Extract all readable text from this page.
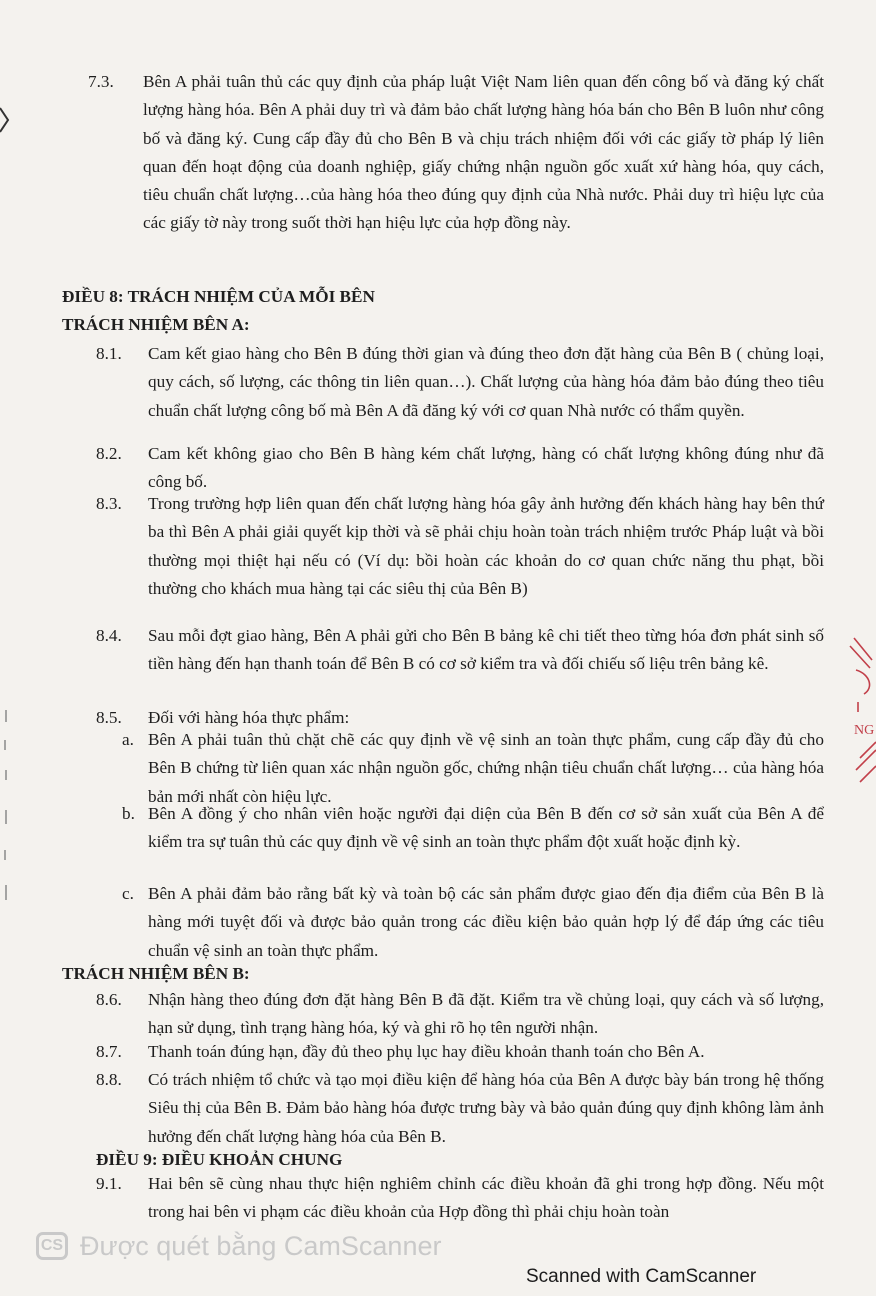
7.3. Bên A phải tuân thủ các quy định của pháp luật Việt Nam liên quan đến công bố và đăng ký chất lượng hàng hóa. Bên A phải duy trì và đảm bảo chất lượng hàng hóa bán cho Bên B luôn như công bố và đăng ký. Cung cấp đầy đủ cho Bên B và chịu trách nhiệm đối với các giấy tờ pháp lý liên quan đến hoạt động của doanh nghiệp, giấy chứng nhận nguồn gốc xuất xứ hàng hóa, quy cách, tiêu chuẩn chất lượng…của hàng hóa theo đúng quy định của Nhà nước. Phải duy trì hiệu lực của các giấy tờ này trong suốt thời hạn hiệu lực của hợp đồng này.
ĐIỀU 8: TRÁCH NHIỆM CỦA MỖI BÊN
TRÁCH NHIỆM BÊN A:
8.1. Cam kết giao hàng cho Bên B đúng thời gian và đúng theo đơn đặt hàng của Bên B ( chủng loại, quy cách, số lượng, các thông tin liên quan…). Chất lượng của hàng hóa đảm bảo đúng theo tiêu chuẩn chất lượng công bố mà Bên A đã đăng ký với cơ quan Nhà nước có thẩm quyền.
8.2. Cam kết không giao cho Bên B hàng kém chất lượng, hàng có chất lượng không đúng như đã công bố.
8.3. Trong trường hợp liên quan đến chất lượng hàng hóa gây ảnh hưởng đến khách hàng hay bên thứ ba thì Bên A phải giải quyết kịp thời và sẽ phải chịu hoàn toàn trách nhiệm trước Pháp luật và bồi thường mọi thiệt hại nếu có (Ví dụ: bồi hoàn các khoản do cơ quan chức năng thu phạt, bồi thường cho khách mua hàng tại các siêu thị của Bên B)
8.4. Sau mỗi đợt giao hàng, Bên A phải gửi cho Bên B bảng kê chi tiết theo từng hóa đơn phát sinh số tiền hàng đến hạn thanh toán để Bên B có cơ sở kiểm tra và đối chiếu số liệu trên bảng kê.
8.5. Đối với hàng hóa thực phẩm:
a. Bên A phải tuân thủ chặt chẽ các quy định về vệ sinh an toàn thực phẩm, cung cấp đầy đủ cho Bên B chứng từ liên quan xác nhận nguồn gốc, chứng nhận tiêu chuẩn chất lượng… của hàng hóa bản mới nhất còn hiệu lực.
b. Bên A đồng ý cho nhân viên hoặc người đại diện của Bên B đến cơ sở sản xuất của Bên A để kiểm tra sự tuân thủ các quy định về vệ sinh an toàn thực phẩm đột xuất hoặc định kỳ.
c. Bên A phải đảm bảo rằng bất kỳ và toàn bộ các sản phẩm được giao đến địa điểm của Bên B là hàng mới tuyệt đối và được bảo quản trong các điều kiện bảo quản hợp lý để đáp ứng các tiêu chuẩn vệ sinh an toàn thực phẩm.
TRÁCH NHIỆM BÊN B:
8.6. Nhận hàng theo đúng đơn đặt hàng Bên B đã đặt. Kiểm tra về chủng loại, quy cách và số lượng, hạn sử dụng, tình trạng hàng hóa, ký và ghi rõ họ tên người nhận.
8.7. Thanh toán đúng hạn, đầy đủ theo phụ lục hay điều khoản thanh toán cho Bên A.
8.8. Có trách nhiệm tổ chức và tạo mọi điều kiện để hàng hóa của Bên A được bày bán trong hệ thống Siêu thị của Bên B. Đảm bảo hàng hóa được trưng bày và bảo quản đúng quy định không làm ảnh hưởng đến chất lượng hàng hóa của Bên B.
ĐIỀU 9: ĐIỀU KHOẢN CHUNG
9.1. Hai bên sẽ cùng nhau thực hiện nghiêm chỉnh các điều khoản đã ghi trong hợp đồng. Nếu một trong hai bên vi phạm các điều khoản của Hợp đồng thì phải chịu hoàn toàn
NG
CS Được quét bằng CamScanner
Scanned with CamScanner
